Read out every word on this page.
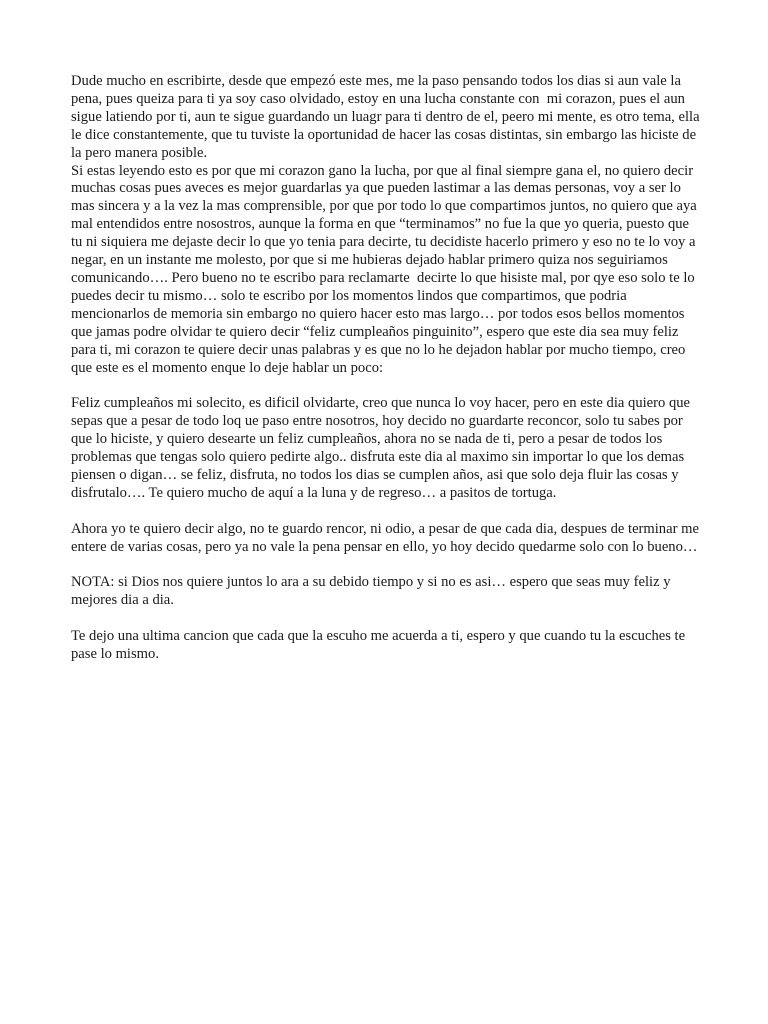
Dude mucho en escribirte, desde que empezó este mes, me la paso pensando todos los dias si aun vale la pena, pues queiza para ti ya soy caso olvidado, estoy en una lucha constante con  mi corazon, pues el aun sigue latiendo por ti, aun te sigue guardando un luagr para ti dentro de el, peero mi mente, es otro tema, ella le dice constantemente, que tu tuviste la oportunidad de hacer las cosas distintas, sin embargo las hiciste de la pero manera posible.

Si estas leyendo esto es por que mi corazon gano la lucha, por que al final siempre gana el, no quiero decir muchas cosas pues aveces es mejor guardarlas ya que pueden lastimar a las demas personas, voy a ser lo mas sincera y a la vez la mas comprensible, por que por todo lo que compartimos juntos, no quiero que aya mal entendidos entre nosostros, aunque la forma en que “terminamos” no fue la que yo queria, puesto que tu ni siquiera me dejaste decir lo que yo tenia para decirte, tu decidiste hacerlo primero y eso no te lo voy a negar, en un instante me molesto, por que si me hubieras dejado hablar primero quiza nos seguiriamos comunicando…. Pero bueno no te escribo para reclamarte  decirte lo que hisiste mal, por qye eso solo te lo puedes decir tu mismo… solo te escribo por los momentos lindos que compartimos, que podria mencionarlos de memoria sin embargo no quiero hacer esto mas largo… por todos esos bellos momentos que jamas podre olvidar te quiero decir “feliz cumpleaños pinguinito”, espero que este dia sea muy feliz para ti, mi corazon te quiere decir unas palabras y es que no lo he dejadon hablar por mucho tiempo, creo que este es el momento enque lo deje hablar un poco:

Feliz cumpleaños mi solecito, es dificil olvidarte, creo que nunca lo voy hacer, pero en este dia quiero que sepas que a pesar de todo loq ue paso entre nosotros, hoy decido no guardarte reconcor, solo tu sabes por que lo hiciste, y quiero desearte un feliz cumpleaños, ahora no se nada de ti, pero a pesar de todos los problemas que tengas solo quiero pedirte algo.. disfruta este dia al maximo sin importar lo que los demas piensen o digan… se feliz, disfruta, no todos los dias se cumplen años, asi que solo deja fluir las cosas y disfrutalo…. Te quiero mucho de aquí a la luna y de regreso… a pasitos de tortuga.

Ahora yo te quiero decir algo, no te guardo rencor, ni odio, a pesar de que cada dia, despues de terminar me entere de varias cosas, pero ya no vale la pena pensar en ello, yo hoy decido quedarme solo con lo bueno…

NOTA: si Dios nos quiere juntos lo ara a su debido tiempo y si no es asi… espero que seas muy feliz y mejores dia a dia.

Te dejo una ultima cancion que cada que la escuho me acuerda a ti, espero y que cuando tu la escuches te pase lo mismo.
